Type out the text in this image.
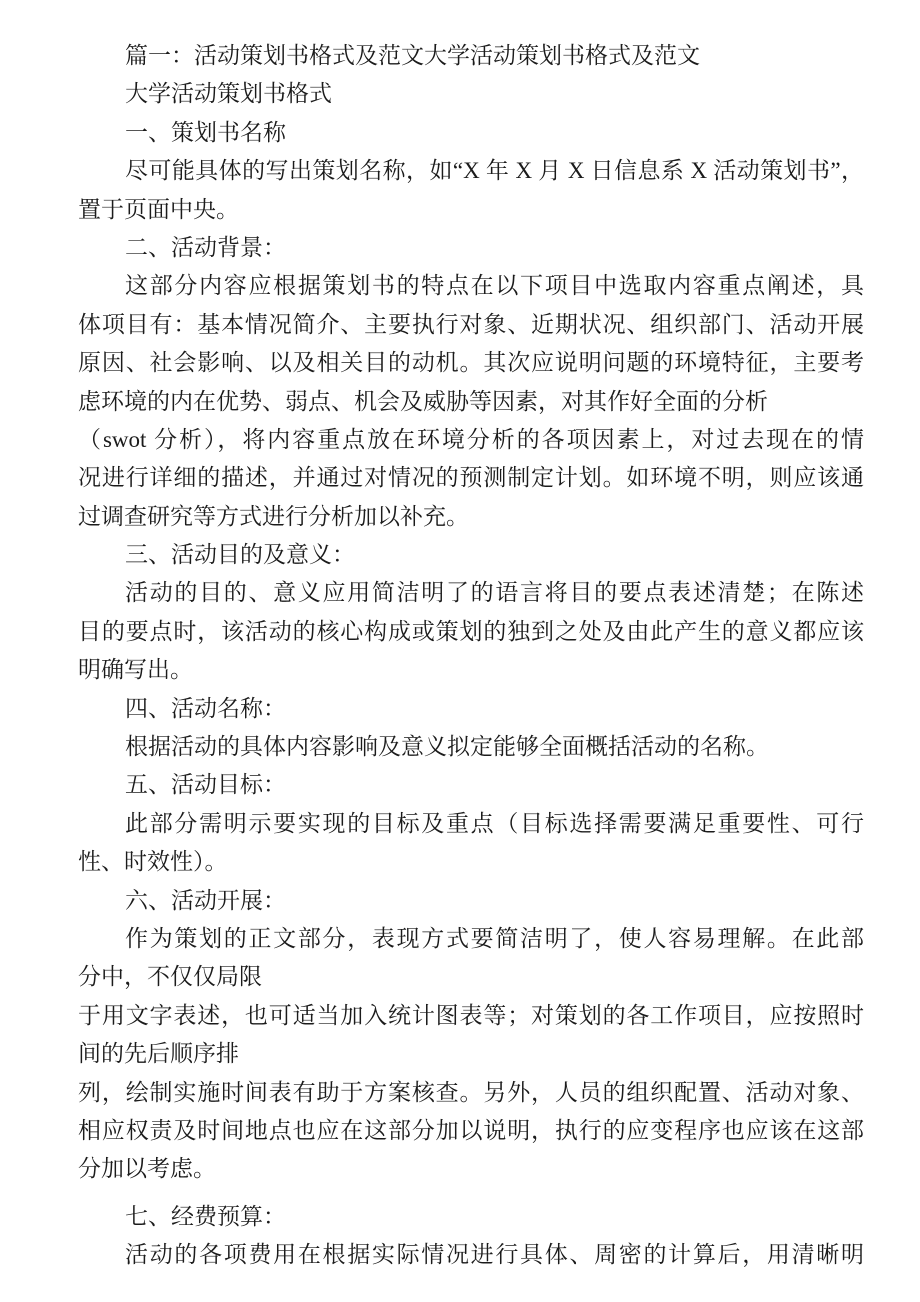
篇一：活动策划书格式及范文大学活动策划书格式及范文
大学活动策划书格式
一、策划书名称
尽可能具体的写出策划名称，如“X 年 X 月 X 日信息系 X 活动策划书”，
置于页面中央。
二、活动背景：
这部分内容应根据策划书的特点在以下项目中选取内容重点阐述，具
体项目有：基本情况简介、主要执行对象、近期状况、组织部门、活动开展
原因、社会影响、以及相关目的动机。其次应说明问题的环境特征，主要考
虑环境的内在优势、弱点、机会及威胁等因素，对其作好全面的分析
（swot 分析），将内容重点放在环境分析的各项因素上，对过去现在的情
况进行详细的描述，并通过对情况的预测制定计划。如环境不明，则应该通
过调查研究等方式进行分析加以补充。
三、活动目的及意义：
活动的目的、意义应用简洁明了的语言将目的要点表述清楚；在陈述
目的要点时，该活动的核心构成或策划的独到之处及由此产生的意义都应该
明确写出。
四、活动名称：
根据活动的具体内容影响及意义拟定能够全面概括活动的名称。
五、活动目标：
此部分需明示要实现的目标及重点（目标选择需要满足重要性、可行
性、时效性）。
六、活动开展：
作为策划的正文部分，表现方式要简洁明了，使人容易理解。在此部
分中，不仅仅局限
于用文字表述，也可适当加入统计图表等；对策划的各工作项目，应按照时
间的先后顺序排
列，绘制实施时间表有助于方案核查。另外，人员的组织配置、活动对象、
相应权责及时间地点也应在这部分加以说明，执行的应变程序也应该在这部
分加以考虑。
七、经费预算：
活动的各项费用在根据实际情况进行具体、周密的计算后，用清晰明
